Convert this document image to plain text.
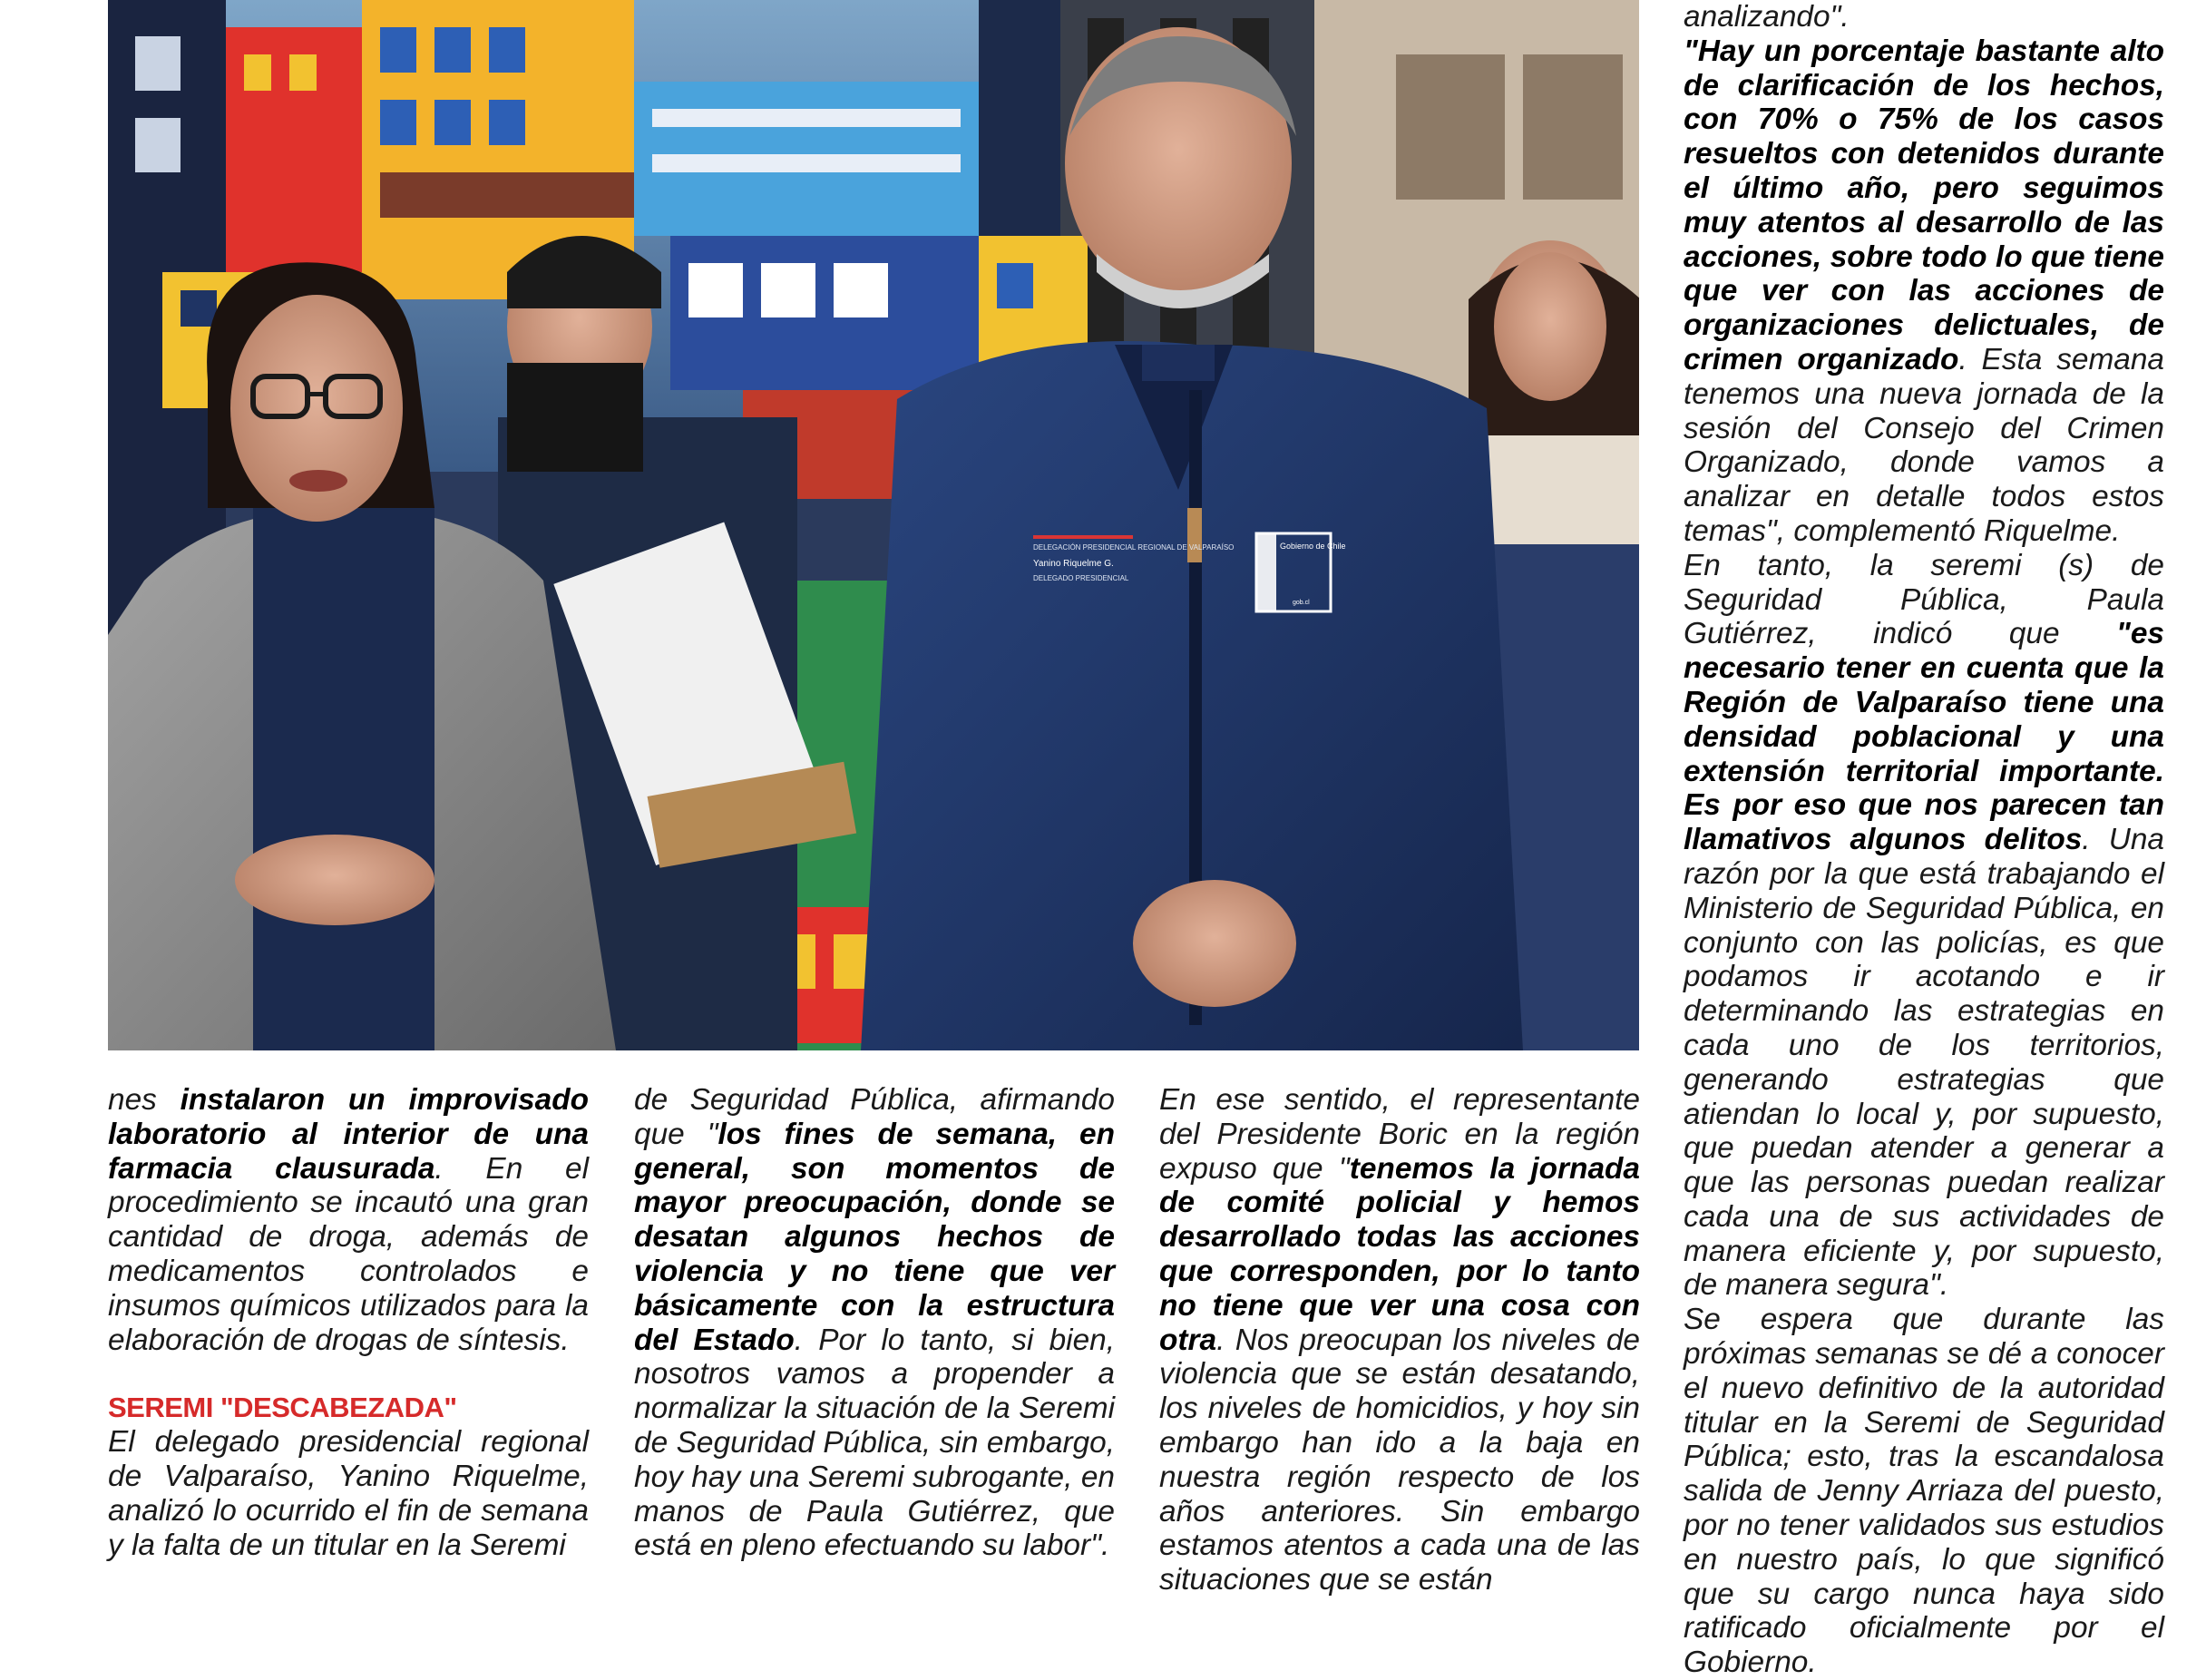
DELEGACIÓN PRESIDENCIAL REGIONAL DE VALPARAÍSO
Yanino Riquelme G.
DELEGADO PRESIDENCIAL
Gobierno de Chile
gob.cl

nes instalaron un improvisado laboratorio al interior de una farmacia clausurada. En el procedimiento se incautó una gran cantidad de droga, además de medicamentos controlados e insumos químicos utilizados para la elaboración de drogas de síntesis.

SEREMI "DESCABEZADA"

El delegado presidencial regional de Valparaíso, Yanino Riquelme, analizó lo ocurrido el fin de semana y la falta de un titular en la Seremi

de Seguridad Pública, afirmando que "los fines de semana, en general, son momentos de mayor preocupación, donde se desatan algunos hechos de violencia y no tiene que ver básicamente con la estructura del Estado. Por lo tanto, si bien, nosotros vamos a propender a normalizar la situación de la Seremi de Seguridad Pública, sin embargo, hoy hay una Seremi subrogante, en manos de Paula Gutiérrez, que está en pleno efectuando su labor".

En ese sentido, el representante del Presidente Boric en la región expuso que "tenemos la jornada de comité policial y hemos desarrollado todas las acciones que corresponden, por lo tanto no tiene que ver una cosa con otra. Nos preocupan los niveles de violencia que se están desatando, los niveles de homicidios, y hoy sin embargo han ido a la baja en nuestra región respecto de los años anteriores. Sin embargo estamos atentos a cada una de las situaciones que se están

analizando".

"Hay un porcentaje bastante alto de clarificación de los hechos, con 70% o 75% de los casos resueltos con detenidos durante el último año, pero seguimos muy atentos al desarrollo de las acciones, sobre todo lo que tiene que ver con las acciones de organizaciones delictuales, de crimen organizado. Esta semana tenemos una nueva jornada de la sesión del Consejo del Crimen Organizado, donde vamos a analizar en detalle todos estos temas", complementó Riquelme.

En tanto, la seremi (s) de Seguridad Pública, Paula Gutiérrez, indicó que "es necesario tener en cuenta que la Región de Valparaíso tiene una densidad poblacional y una extensión territorial importante. Es por eso que nos parecen tan llamativos algunos delitos. Una razón por la que está trabajando el Ministerio de Seguridad Pública, en conjunto con las policías, es que podamos ir acotando e ir determinando las estrategias en cada uno de los territorios, generando estrategias que atiendan lo local y, por supuesto, que puedan atender a generar a que las personas puedan realizar cada una de sus actividades de manera eficiente y, por supuesto, de manera segura".

Se espera que durante las próximas semanas se dé a conocer el nuevo definitivo de la autoridad titular en la Seremi de Seguridad Pública; esto, tras la escandalosa salida de Jenny Arriaza del puesto, por no tener validados sus estudios en nuestro país, lo que significó que su cargo nunca haya sido ratificado oficialmente por el Gobierno.
